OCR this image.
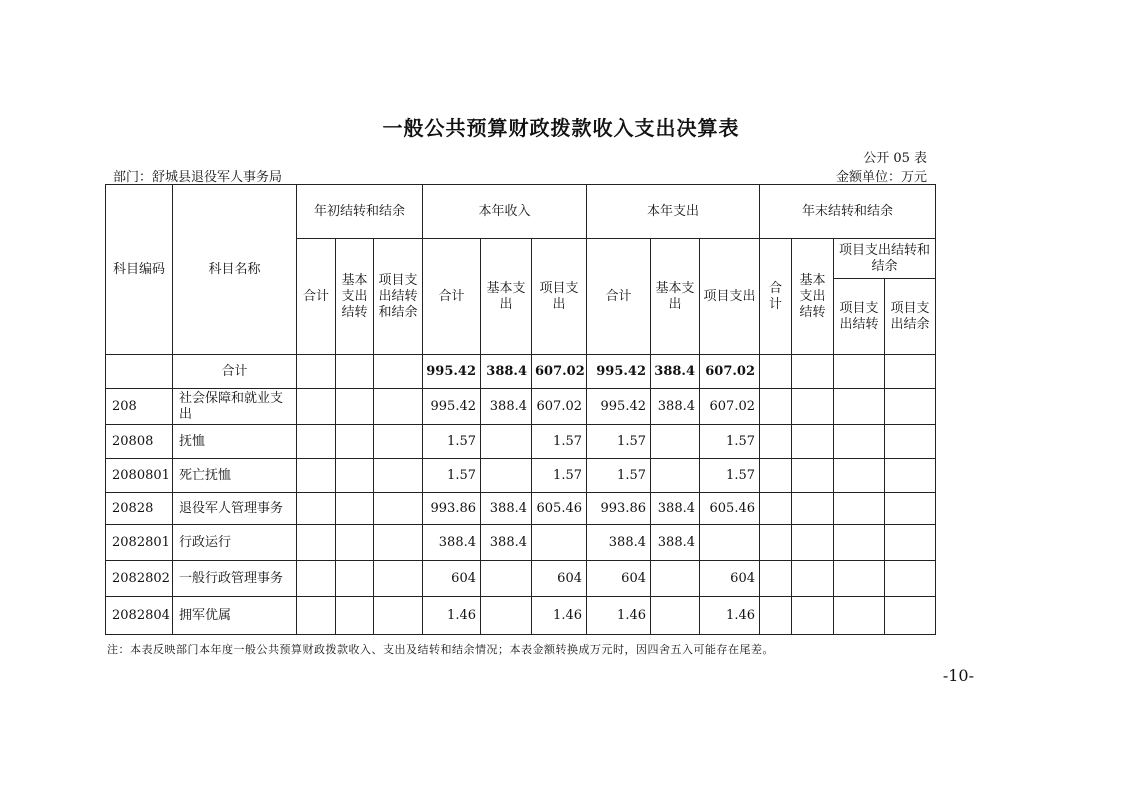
一般公共预算财政拨款收入支出决算表
公开 05 表
部门：舒城县退役军人事务局	金额单位：万元
科目编码	科目名称	年初结转和结余			本年收入			本年支出			年末结转和结余			
		合计	基本支出结转	项目支出结转和结余	合计	基本支出	项目支出	合计	基本支出	项目支出	合计	基本支出结转	项目支出结转和结余	
													项目支出结转	项目支出结余
	合计				995.42	388.4	607.02	995.42	388.4	607.02				
208	社会保障和就业支出				995.42	388.4	607.02	995.42	388.4	607.02				
20808	抚恤				1.57		1.57	1.57		1.57				
2080801	死亡抚恤				1.57		1.57	1.57		1.57				
20828	退役军人管理事务				993.86	388.4	605.46	993.86	388.4	605.46				
2082801	行政运行				388.4	388.4		388.4	388.4					
2082802	一般行政管理事务				604		604	604		604				
2082804	拥军优属				1.46		1.46	1.46		1.46				
注：本表反映部门本年度一般公共预算财政拨款收入、支出及结转和结余情况；本表金额转换成万元时，因四舍五入可能存在尾差。
-10-
